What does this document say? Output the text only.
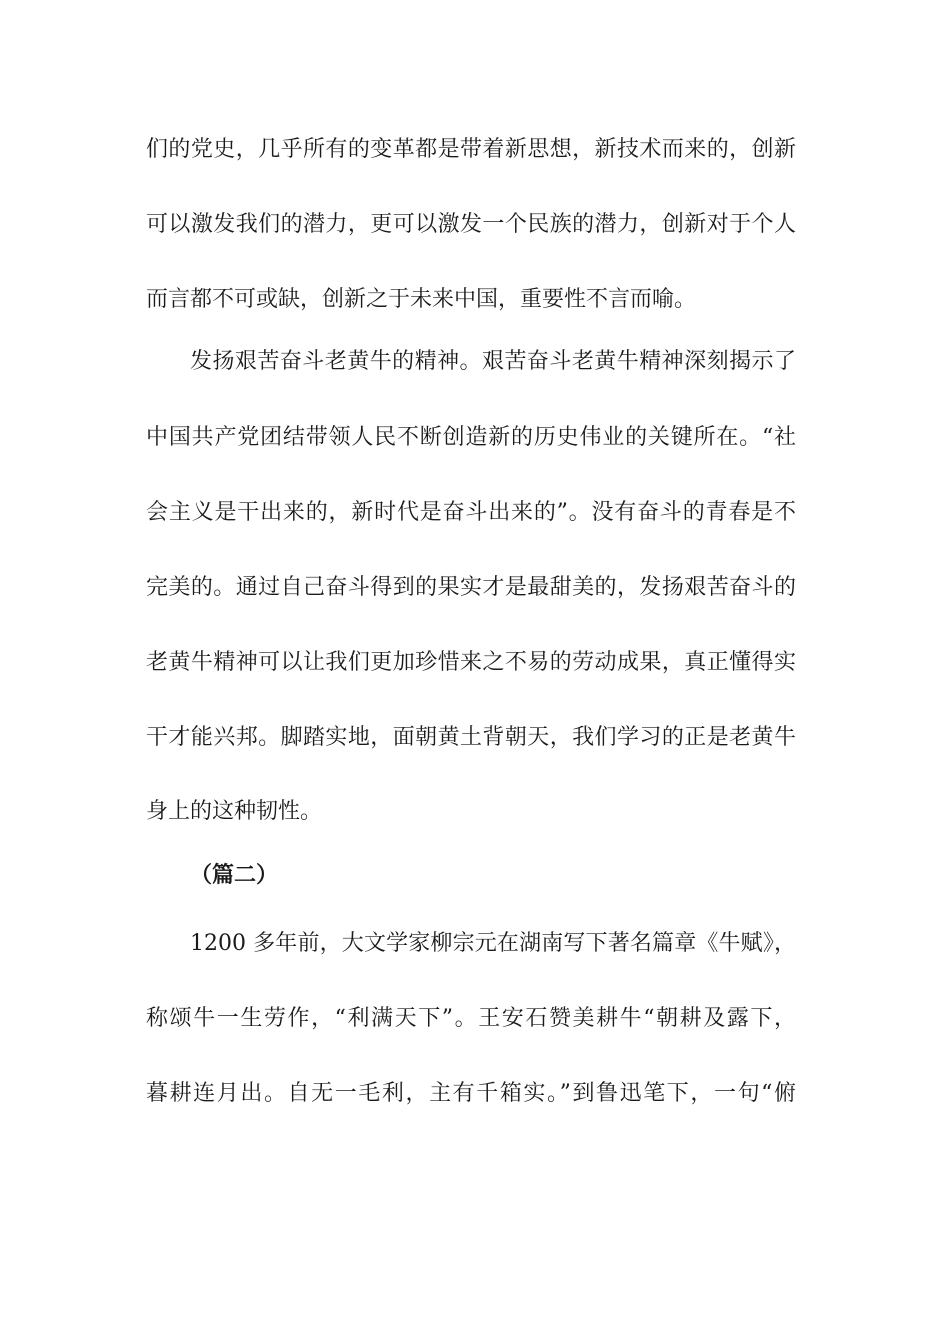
们的党史，几乎所有的变革都是带着新思想，新技术而来的，创新
可以激发我们的潜力，更可以激发一个民族的潜力，创新对于个人
而言都不可或缺，创新之于未来中国，重要性不言而喻。
发扬艰苦奋斗老黄牛的精神。艰苦奋斗老黄牛精神深刻揭示了
中国共产党团结带领人民不断创造新的历史伟业的关键所在。“社
会主义是干出来的，新时代是奋斗出来的”。没有奋斗的青春是不
完美的。通过自己奋斗得到的果实才是最甜美的，发扬艰苦奋斗的
老黄牛精神可以让我们更加珍惜来之不易的劳动成果，真正懂得实
干才能兴邦。脚踏实地，面朝黄土背朝天，我们学习的正是老黄牛
身上的这种韧性。
（篇二）
1200 多年前，大文学家柳宗元在湖南写下著名篇章《牛赋》，
称颂牛一生劳作，“利满天下”。王安石赞美耕牛“朝耕及露下，
暮耕连月出。自无一毛利，主有千箱实。”到鲁迅笔下，一句“俯
